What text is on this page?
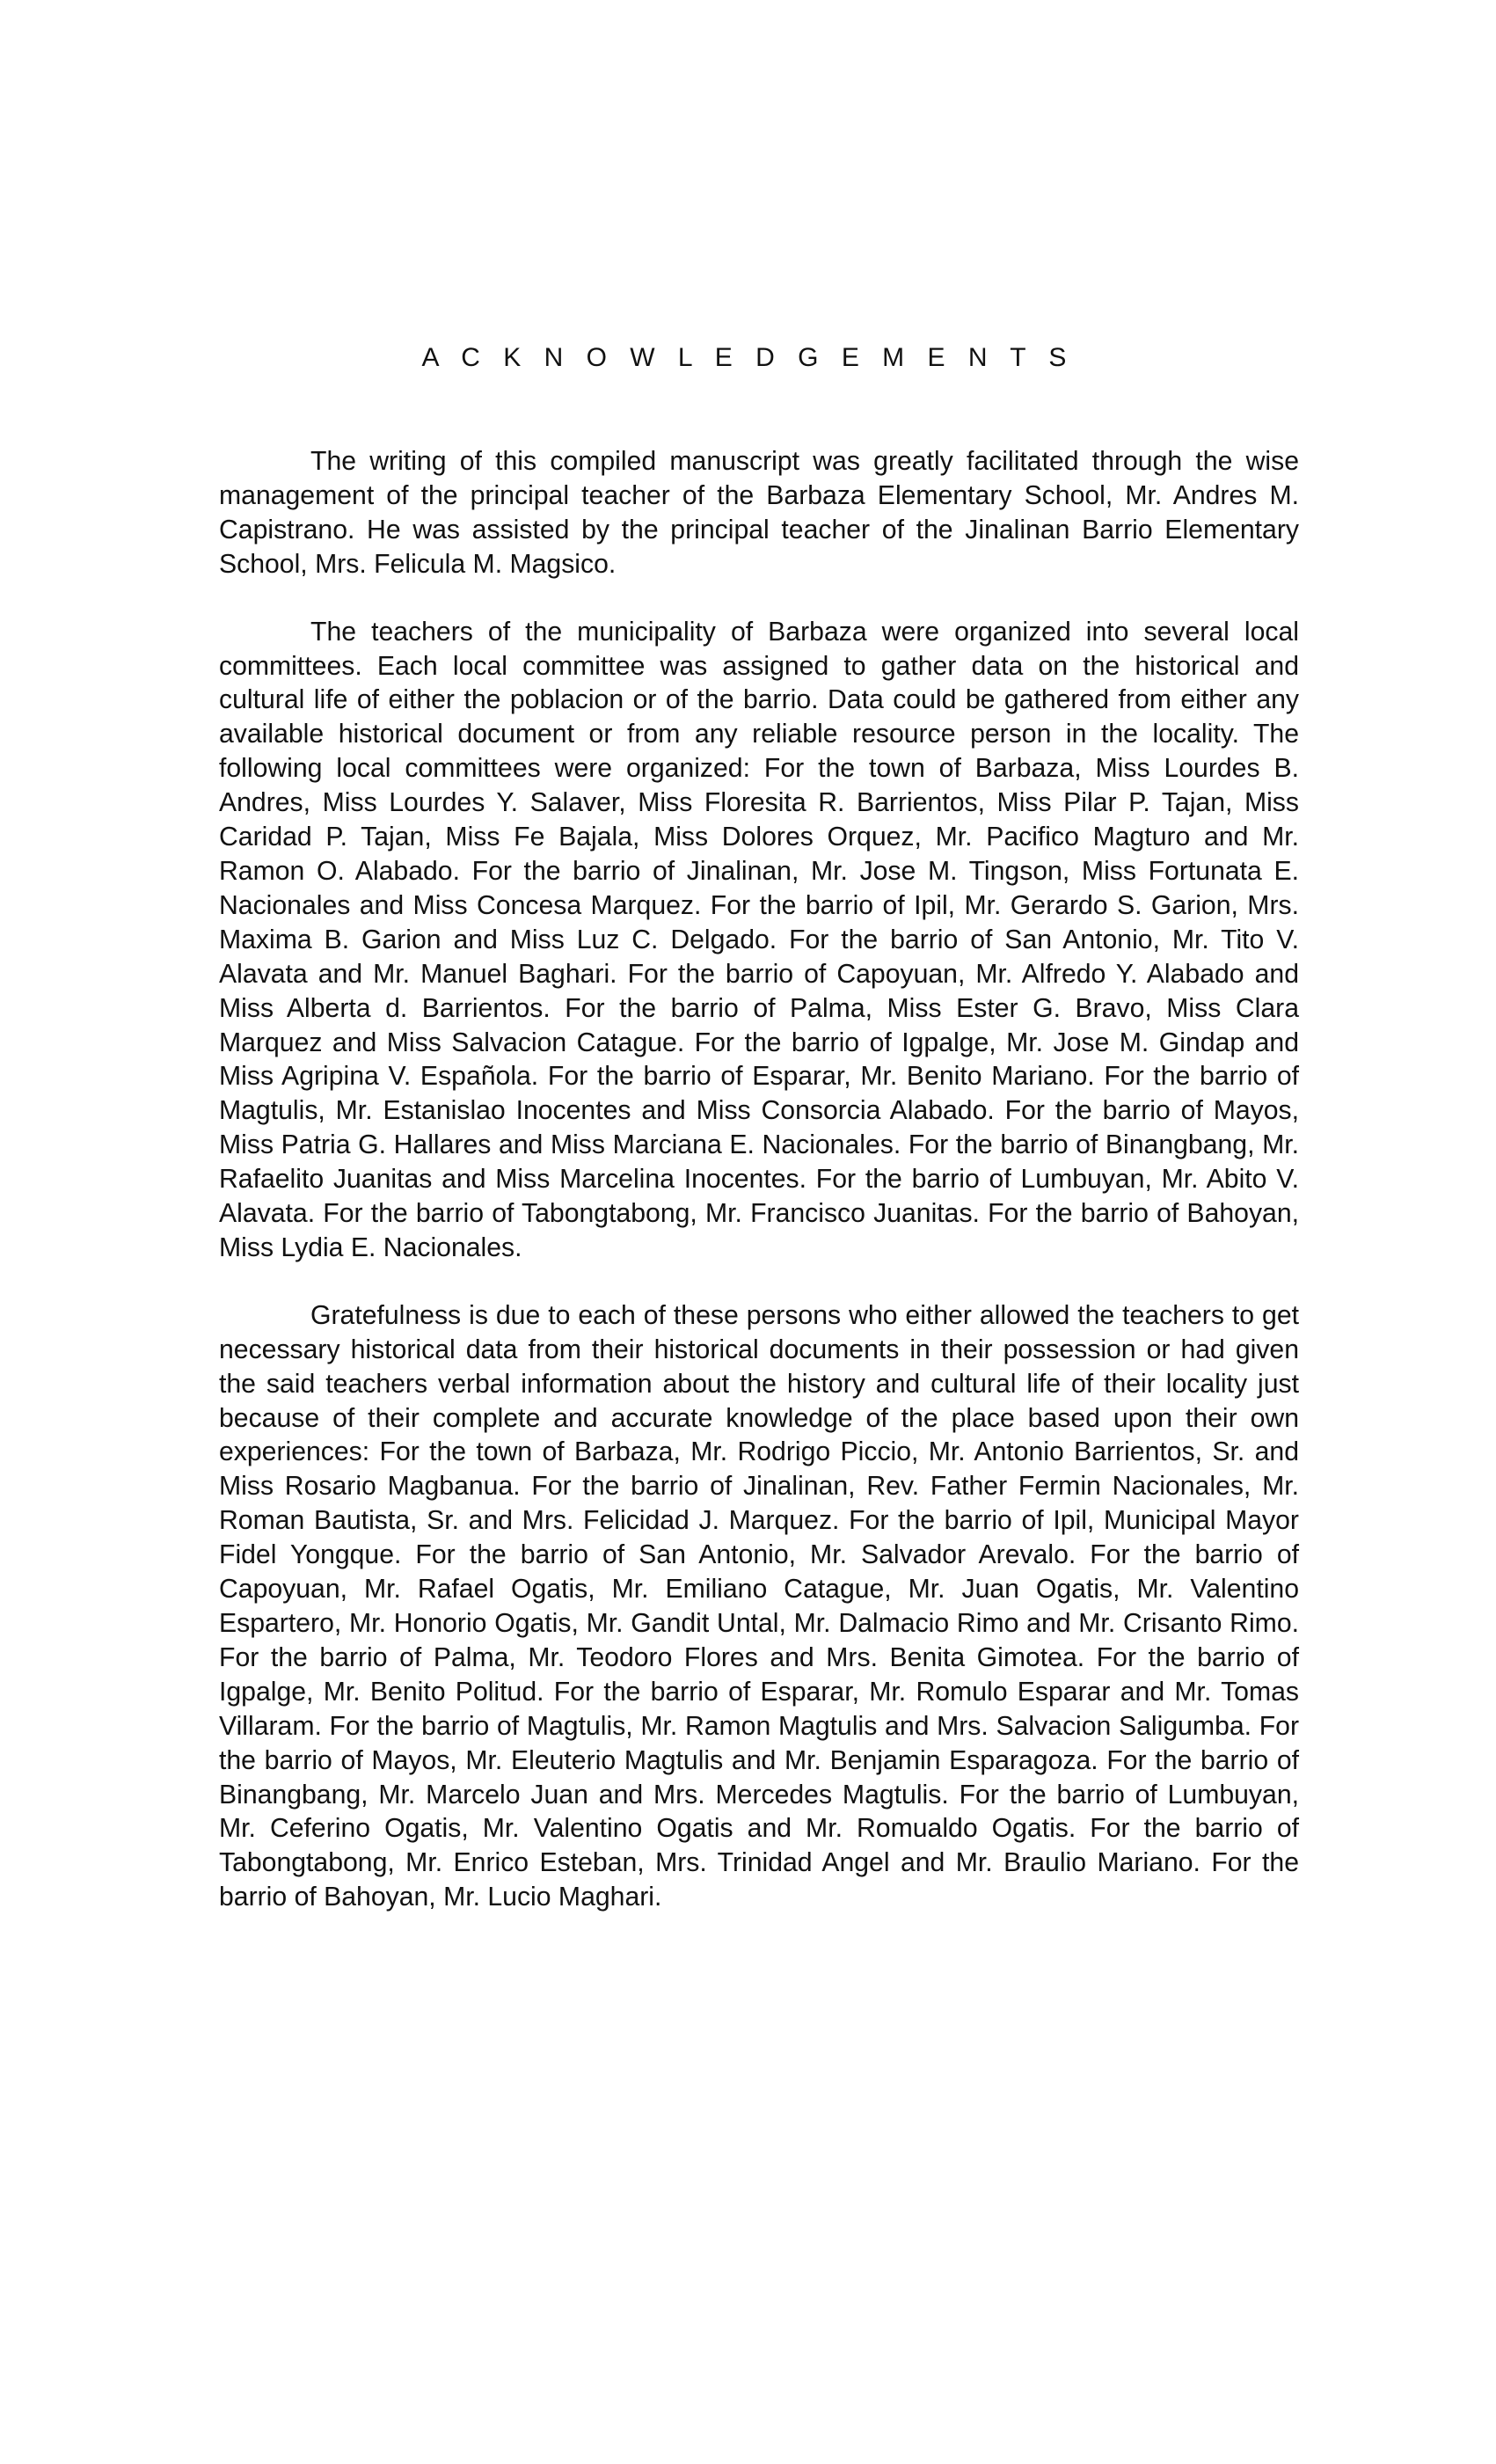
A C K N O W L E D G E M E N T S

The writing of this compiled manuscript was greatly facilitated through the wise management of the principal teacher of the Barbaza Elementary School, Mr. Andres M. Capistrano. He was assisted by the principal teacher of the Jinalinan Barrio Elementary School, Mrs. Felicula M. Magsico.

The teachers of the municipality of Barbaza were organized into several local committees. Each local committee was assigned to gather data on the historical and cultural life of either the poblacion or of the barrio. Data could be gathered from either any available historical document or from any reliable resource person in the locality. The following local committees were organized: For the town of Barbaza, Miss Lourdes B. Andres, Miss Lourdes Y. Salaver, Miss Floresita R. Barrientos, Miss Pilar P. Tajan, Miss Caridad P. Tajan, Miss Fe Bajala, Miss Dolores Orquez, Mr. Pacifico Magturo and Mr. Ramon O. Alabado. For the barrio of Jinalinan, Mr. Jose M. Tingson, Miss Fortunata E. Nacionales and Miss Concesa Marquez. For the barrio of Ipil, Mr. Gerardo S. Garion, Mrs. Maxima B. Garion and Miss Luz C. Delgado. For the barrio of San Antonio, Mr. Tito V. Alavata and Mr. Manuel Baghari. For the barrio of Capoyuan, Mr. Alfredo Y. Alabado and Miss Alberta d. Barrientos. For the barrio of Palma, Miss Ester G. Bravo, Miss Clara Marquez and Miss Salvacion Catague. For the barrio of Igpalge, Mr. Jose M. Gindap and Miss Agripina V. Española. For the barrio of Esparar, Mr. Benito Mariano. For the barrio of Magtulis, Mr. Estanislao Inocentes and Miss Consorcia Alabado. For the barrio of Mayos, Miss Patria G. Hallares and Miss Marciana E. Nacionales. For the barrio of Binangbang, Mr. Rafaelito Juanitas and Miss Marcelina Inocentes. For the barrio of Lumbuyan, Mr. Abito V. Alavata. For the barrio of Tabongtabong, Mr. Francisco Juanitas. For the barrio of Bahoyan, Miss Lydia E. Nacionales.

Gratefulness is due to each of these persons who either allowed the teachers to get necessary historical data from their historical documents in their possession or had given the said teachers verbal information about the history and cultural life of their locality just because of their complete and accurate knowledge of the place based upon their own experiences: For the town of Barbaza, Mr. Rodrigo Piccio, Mr. Antonio Barrientos, Sr. and Miss Rosario Magbanua. For the barrio of Jinalinan, Rev. Father Fermin Nacionales, Mr. Roman Bautista, Sr. and Mrs. Felicidad J. Marquez. For the barrio of Ipil, Municipal Mayor Fidel Yongque. For the barrio of San Antonio, Mr. Salvador Arevalo. For the barrio of Capoyuan, Mr. Rafael Ogatis, Mr. Emiliano Catague, Mr. Juan Ogatis, Mr. Valentino Espartero, Mr. Honorio Ogatis, Mr. Gandit Untal, Mr. Dalmacio Rimo and Mr. Crisanto Rimo. For the barrio of Palma, Mr. Teodoro Flores and Mrs. Benita Gimotea. For the barrio of Igpalge, Mr. Benito Politud. For the barrio of Esparar, Mr. Romulo Esparar and Mr. Tomas Villaram. For the barrio of Magtulis, Mr. Ramon Magtulis and Mrs. Salvacion Saligumba. For the barrio of Mayos, Mr. Eleuterio Magtulis and Mr. Benjamin Esparagoza. For the barrio of Binangbang, Mr. Marcelo Juan and Mrs. Mercedes Magtulis. For the barrio of Lumbuyan, Mr. Ceferino Ogatis, Mr. Valentino Ogatis and Mr. Romualdo Ogatis. For the barrio of Tabongtabong, Mr. Enrico Esteban, Mrs. Trinidad Angel and Mr. Braulio Mariano. For the barrio of Bahoyan, Mr. Lucio Maghari.
